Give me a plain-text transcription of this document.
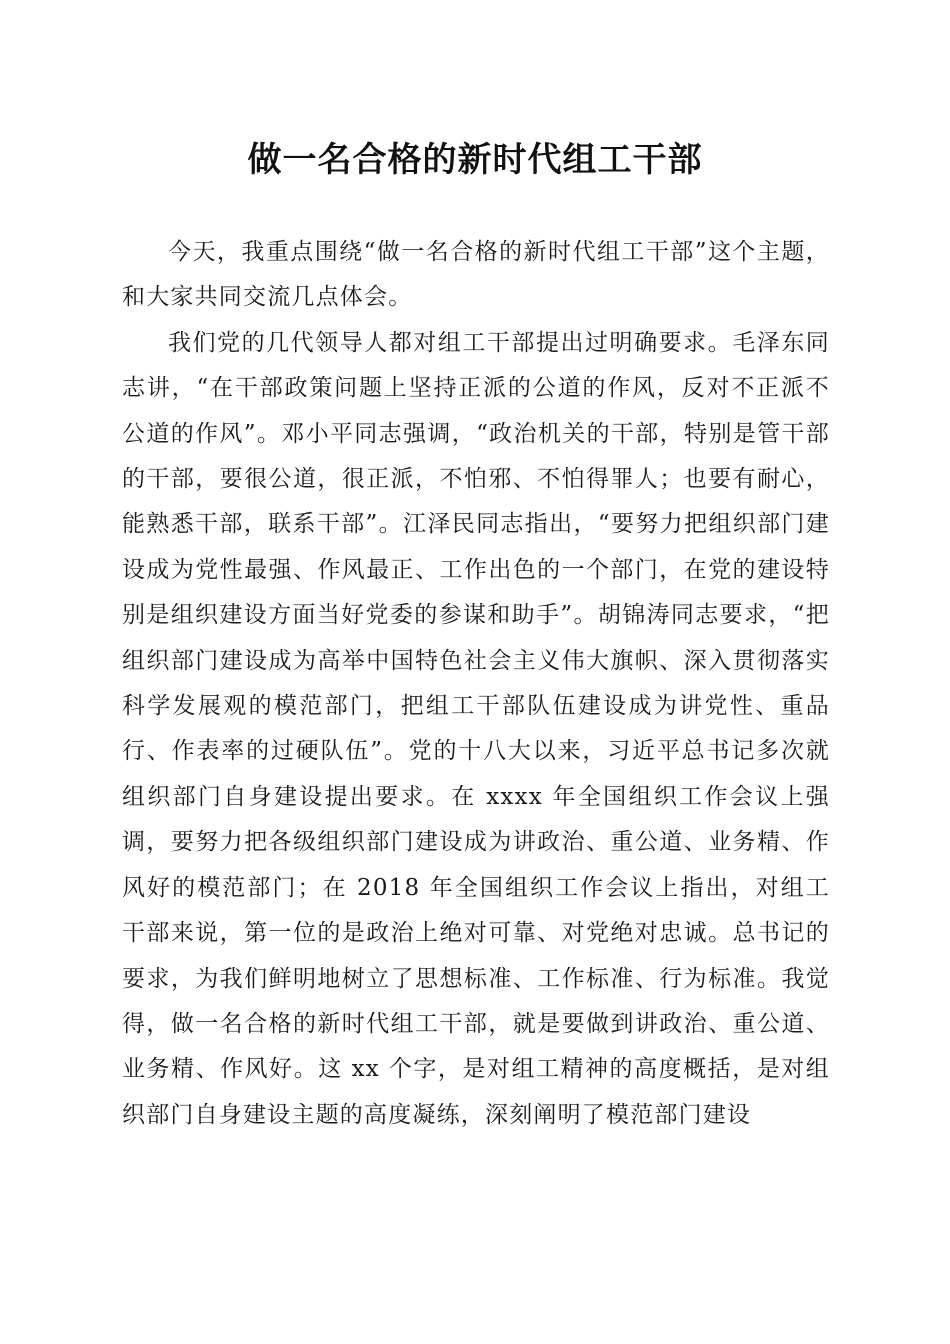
做一名合格的新时代组工干部

今天，我重点围绕“做一名合格的新时代组工干部”这个主题，和大家共同交流几点体会。

我们党的几代领导人都对组工干部提出过明确要求。毛泽东同志讲，“在干部政策问题上坚持正派的公道的作风，反对不正派不公道的作风”。邓小平同志强调，“政治机关的干部，特别是管干部的干部，要很公道，很正派，不怕邪、不怕得罪人；也要有耐心，能熟悉干部，联系干部”。江泽民同志指出，“要努力把组织部门建设成为党性最强、作风最正、工作出色的一个部门，在党的建设特别是组织建设方面当好党委的参谋和助手”。胡锦涛同志要求，“把组织部门建设成为高举中国特色社会主义伟大旗帜、深入贯彻落实科学发展观的模范部门，把组工干部队伍建设成为讲党性、重品行、作表率的过硬队伍”。党的十八大以来，习近平总书记多次就组织部门自身建设提出要求。在 xxxx 年全国组织工作会议上强调，要努力把各级组织部门建设成为讲政治、重公道、业务精、作风好的模范部门；在 2018 年全国组织工作会议上指出，对组工干部来说，第一位的是政治上绝对可靠、对党绝对忠诚。总书记的要求，为我们鲜明地树立了思想标准、工作标准、行为标准。我觉得，做一名合格的新时代组工干部，就是要做到讲政治、重公道、业务精、作风好。这 xx 个字，是对组工精神的高度概括，是对组织部门自身建设主题的高度凝练，深刻阐明了模范部门建设
